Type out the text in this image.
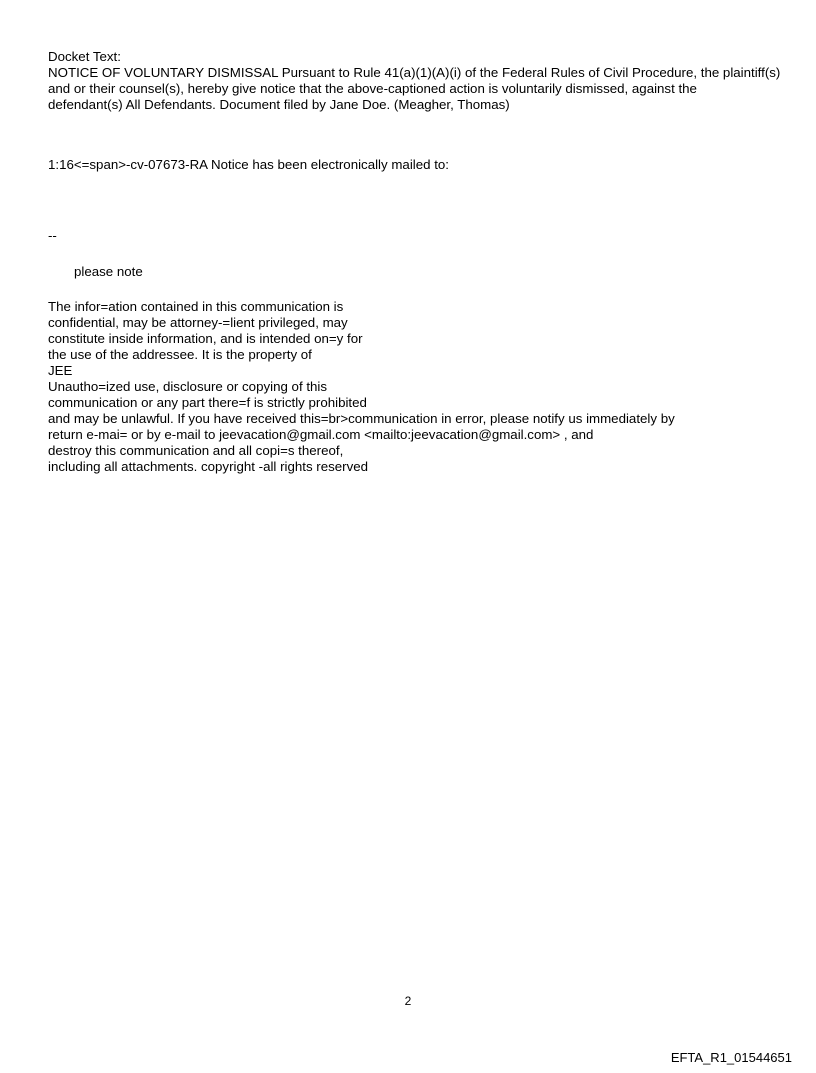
Docket Text:
NOTICE OF VOLUNTARY DISMISSAL Pursuant to Rule 41(a)(1)(A)(i) of the Federal Rules of Civil Procedure, the plaintiff(s)
and or their counsel(s), hereby give notice that the above-captioned action is voluntarily dismissed, against the
defendant(s) All Defendants. Document filed by Jane Doe. (Meagher, Thomas)
1:16<=span>-cv-07673-RA Notice has been electronically mailed to:
--
please note
The infor=ation contained in this communication is
confidential, may be attorney-=lient privileged, may
constitute inside information, and is intended on=y for
the use of the addressee. It is the property of
JEE
Unautho=ized use, disclosure or copying of this
communication or any part there=f is strictly prohibited
and may be unlawful. If you have received this=br>communication in error, please notify us immediately by
return e-mai= or by e-mail to jeevacation@gmail.com <mailto:jeevacation@gmail.com> , and
destroy this communication and all copi=s thereof,
including all attachments. copyright -all rights reserved
2
EFTA_R1_01544651
